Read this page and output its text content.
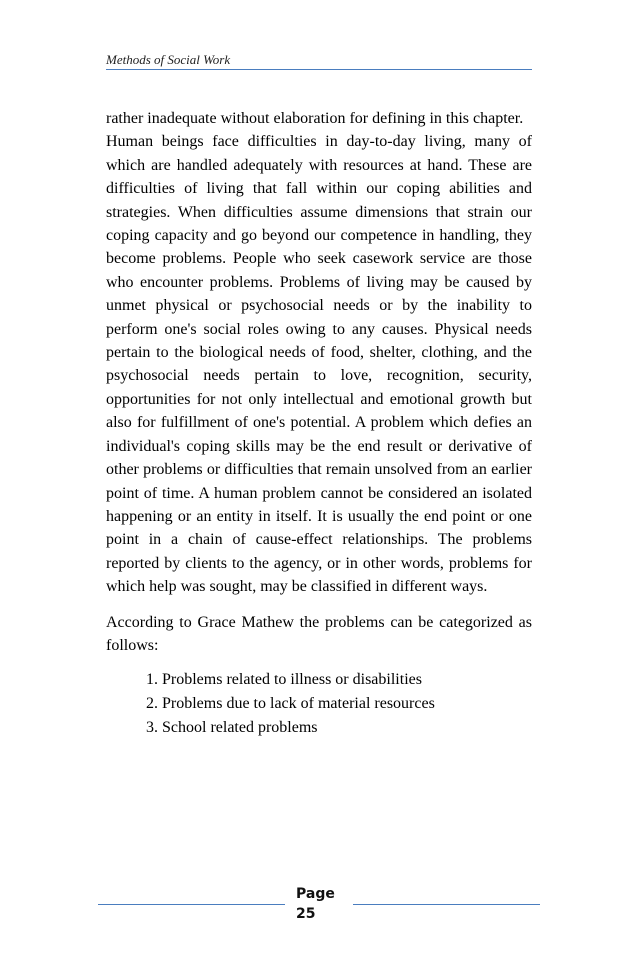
Methods of Social Work

rather inadequate without elaboration for defining in this chapter.

Human beings face difficulties in day-to-day living, many of which are handled adequately with resources at hand. These are difficulties of living that fall within our coping abilities and strategies. When difficulties assume dimensions that strain our coping capacity and go beyond our competence in handling, they become problems. People who seek casework service are those who encounter problems. Problems of living may be caused by unmet physical or psychosocial needs or by the inability to perform one's social roles owing to any causes. Physical needs pertain to the biological needs of food, shelter, clothing, and the psychosocial needs pertain to love, recognition, security, opportunities for not only intellectual and emotional growth but also for fulfillment of one's potential. A problem which defies an individual's coping skills may be the end result or derivative of other problems or difficulties that remain unsolved from an earlier point of time. A human problem cannot be considered an isolated happening or an entity in itself. It is usually the end point or one point in a chain of cause-effect relationships. The problems reported by clients to the agency, or in other words, problems for which help was sought, may be classified in different ways.

According to Grace Mathew the problems can be categorized as follows:

1. Problems related to illness or disabilities
2. Problems due to lack of material resources
3. School related problems
Page
25
